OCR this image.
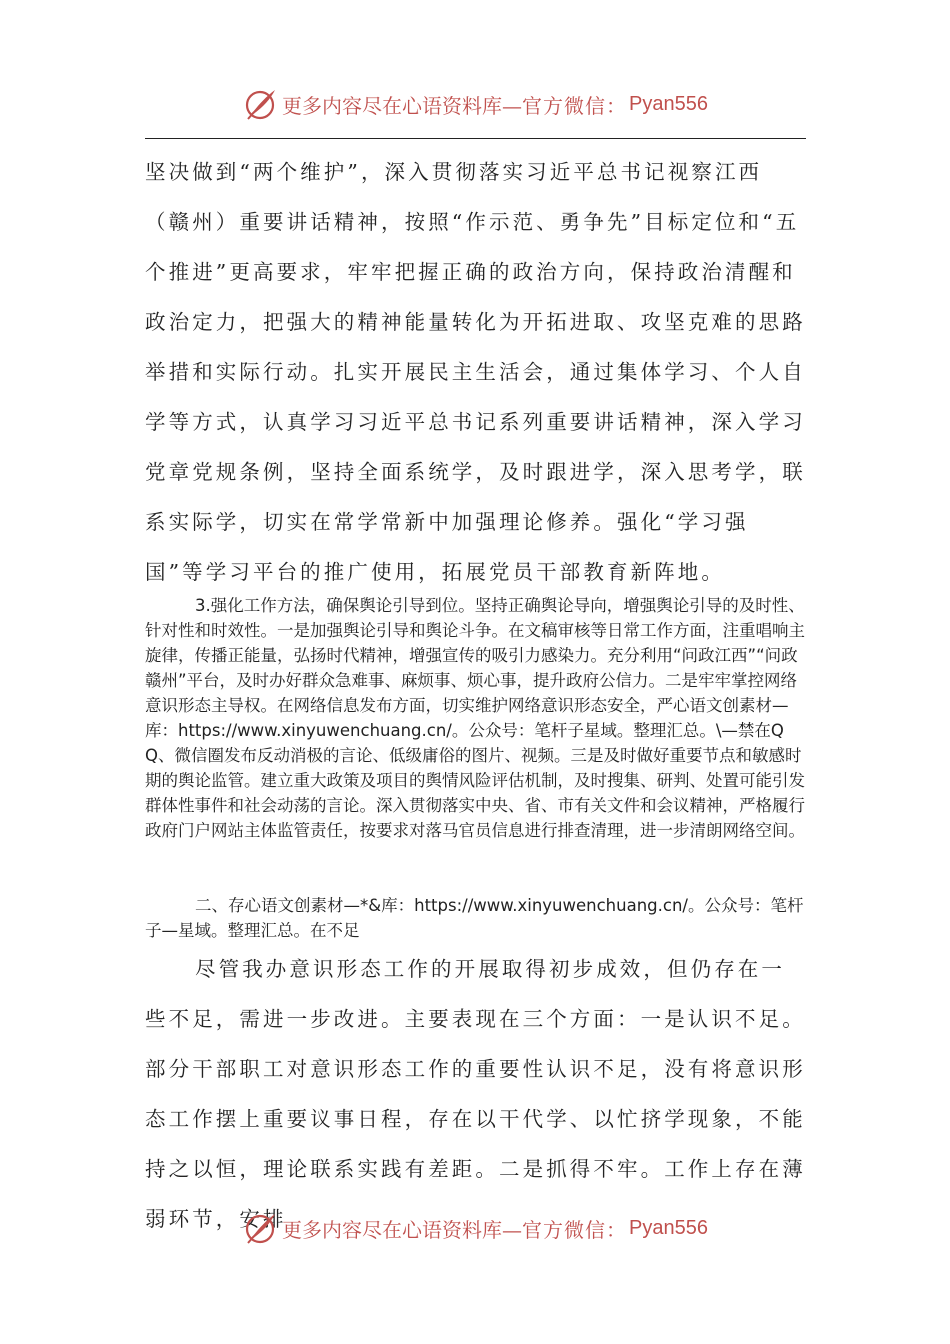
更多内容尽在心语资料库— 官方微信： Pyan556

坚决做到“两个维护”，深入贯彻落实习近平总书记视察江西（赣州）重要讲话精神，按照“作示范、勇争先”目标定位和“五个推进”更高要求，牢牢把握正确的政治方向，保持政治清醒和政治定力，把强大的精神能量转化为开拓进取、攻坚克难的思路举措和实际行动。扎实开展民主生活会，通过集体学习、个人自学等方式，认真学习习近平总书记系列重要讲话精神，深入学习党章党规条例，坚持全面系统学，及时跟进学，深入思考学，联系实际学，切实在常学常新中加强理论修养。强化“学习强国”等学习平台的推广使用，拓展党员干部教育新阵地。

3.强化工作方法，确保舆论引导到位。坚持正确舆论导向，增强舆论引导的及时性、针对性和时效性。一是加强舆论引导和舆论斗争。在文稿审核等日常工作方面，注重唱响主旋律，传播正能量，弘扬时代精神，增强宣传的吸引力感染力。充分利用“问政江西”“问政赣州”平台，及时办好群众急难事、麻烦事、烦心事，提升政府公信力。二是牢牢掌控网络意识形态主导权。在网络信息发布方面，切实维护网络意识形态安全，严心语文创素材—库：https://www.xinyuwenchuang.cn/。公众号：笔杆子星域。整理汇总。\—禁在QQ、微信圈发布反动消极的言论、低级庸俗的图片、视频。三是及时做好重要节点和敏感时期的舆论监管。建立重大政策及项目的舆情风险评估机制，及时搜集、研判、处置可能引发群体性事件和社会动荡的言论。深入贯彻落实中央、省、市有关文件和会议精神，严格履行政府门户网站主体监管责任，按要求对落马官员信息进行排查清理，进一步清朗网络空间。

二、存心语文创素材—*&库：https://www.xinyuwenchuang.cn/。公众号：笔杆子—星域。整理汇总。在不足

尽管我办意识形态工作的开展取得初步成效，但仍存在一些不足，需进一步改进。主要表现在三个方面：一是认识不足。部分干部职工对意识形态工作的重要性认识不足，没有将意识形态工作摆上重要议事日程，存在以干代学、以忙挤学现象，不能持之以恒，理论联系实践有差距。二是抓得不牢。工作上存在薄弱环节，安排

更多内容尽在心语资料库— 官方微信： Pyan556
